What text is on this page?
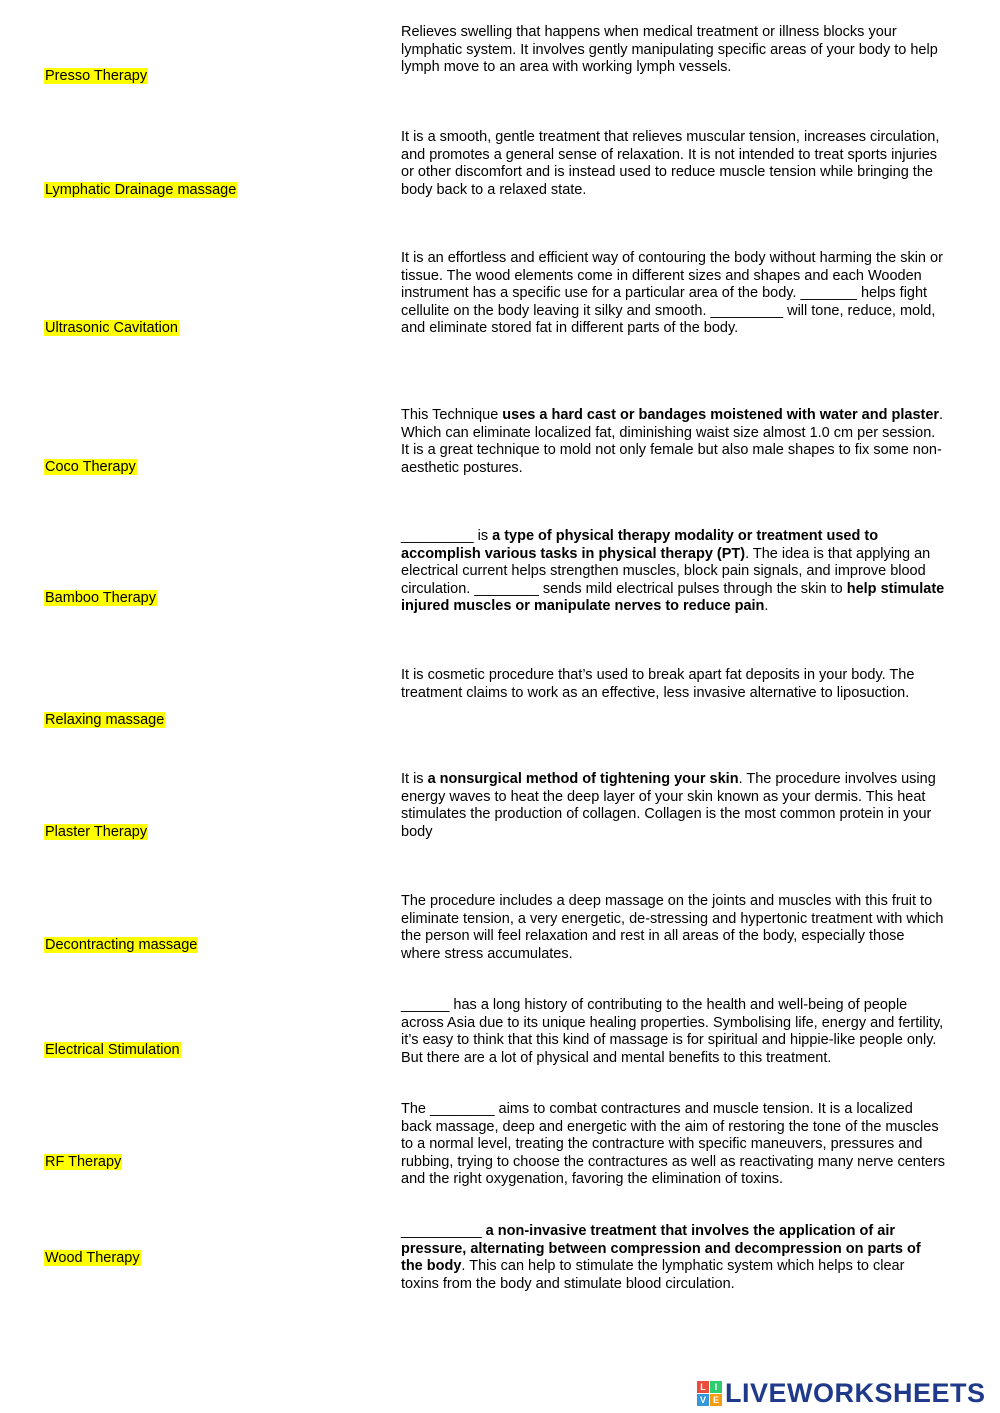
Presso Therapy
Lymphatic Drainage massage
Ultrasonic Cavitation
Coco Therapy
Bamboo Therapy
Relaxing massage
Plaster Therapy
Decontracting massage
Electrical Stimulation
RF Therapy
Wood Therapy
Relieves swelling that happens when medical treatment or illness blocks your lymphatic system. It involves gently manipulating specific areas of your body to help lymph move to an area with working lymph vessels.
It is a smooth, gentle treatment that relieves muscular tension, increases circulation, and promotes a general sense of relaxation. It is not intended to treat sports injuries or other discomfort and is instead used to reduce muscle tension while bringing the body back to a relaxed state.
It is an effortless and efficient way of contouring the body without harming the skin or tissue. The wood elements come in different sizes and shapes and each Wooden instrument has a specific use for a particular area of the body. _______ helps fight cellulite on the body leaving it silky and smooth. _________ will tone, reduce, mold, and eliminate stored fat in different parts of the body.
This Technique uses a hard cast or bandages moistened with water and plaster. Which can eliminate localized fat, diminishing waist size almost 1.0 cm per session. It is a great technique to mold not only female but also male shapes to fix some non-aesthetic postures.
_________ is a type of physical therapy modality or treatment used to accomplish various tasks in physical therapy (PT). The idea is that applying an electrical current helps strengthen muscles, block pain signals, and improve blood circulation. ________ sends mild electrical pulses through the skin to help stimulate injured muscles or manipulate nerves to reduce pain.
It is cosmetic procedure that’s used to break apart fat deposits in your body. The treatment claims to work as an effective, less invasive alternative to liposuction.
It is a nonsurgical method of tightening your skin. The procedure involves using energy waves to heat the deep layer of your skin known as your dermis. This heat stimulates the production of collagen. Collagen is the most common protein in your body
The procedure includes a deep massage on the joints and muscles with this fruit to eliminate tension, a very energetic, de-stressing and hypertonic treatment with which the person will feel relaxation and rest in all areas of the body, especially those where stress accumulates.
______ has a long history of contributing to the health and well-being of people across Asia due to its unique healing properties. Symbolising life, energy and fertility, it’s easy to think that this kind of massage is for spiritual and hippie-like people only. But there are a lot of physical and mental benefits to this treatment.
The ________ aims to combat contractures and muscle tension. It is a localized back massage, deep and energetic with the aim of restoring the tone of the muscles to a normal level, treating the contracture with specific maneuvers, pressures and rubbing, trying to choose the contractures as well as reactivating many nerve centers and the right oxygenation, favoring the elimination of toxins.
__________ a non-invasive treatment that involves the application of air pressure, alternating between compression and decompression on parts of the body. This can help to stimulate the lymphatic system which helps to clear toxins from the body and stimulate blood circulation.
L I
V E LIVEWORKSHEETS
